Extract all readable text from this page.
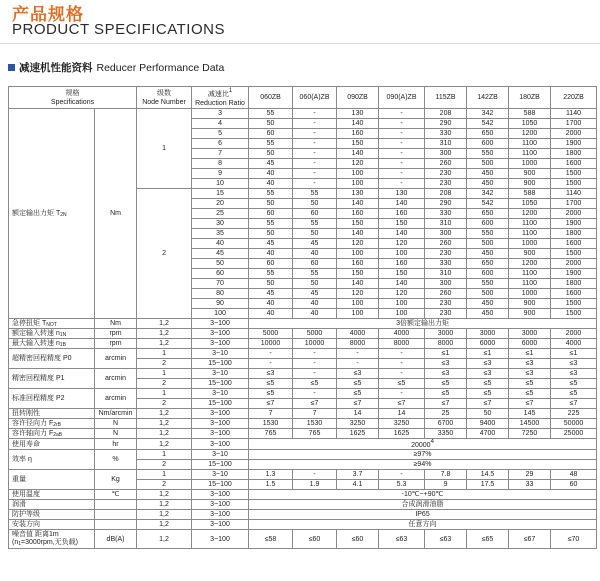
产品规格
PRODUCT SPECIFICATIONS
减速机性能资料 Reducer Performance Data
规格
Specifications		级数
Node Number	减速比1
Reduction Ratio	060ZB	060(A)ZB	090ZB	090(A)ZB	115ZB	142ZB	180ZB	220ZB
额定输出力矩 $T_{2N}$	Nm	1	3	55	-	130	-	208	342	588	1140
			4	50	-	140	-	290	542	1050	1700
			5	60	-	160	-	330	650	1200	2000
			6	55	-	150	-	310	600	1100	1900
			7	50	-	140	-	300	550	1100	1800
			8	45	-	120	-	260	500	1000	1600
			9	40	-	100	-	230	450	900	1500
			10	40	-	100	-	230	450	900	1500
		2	15	55	55	130	130	208	342	588	1140
			20	50	50	140	140	290	542	1050	1700
			25	60	60	160	160	330	650	1200	2000
			30	55	55	150	150	310	600	1100	1900
			35	50	50	140	140	300	550	1100	1800
			40	45	45	120	120	260	500	1000	1600
			45	40	40	100	100	230	450	900	1500
			50	60	60	160	160	330	650	1200	2000
			60	55	55	150	150	310	600	1100	1900
			70	50	50	140	140	300	550	1100	1800
			80	45	45	120	120	260	500	1000	1600
			90	40	40	100	100	230	450	900	1500
			100	40	40	100	100	230	450	900	1500
急停扭矩 $T_{NOT}$	Nm	1,2	3~100	3倍额定输出力矩							
额定输入转速 $n_{1N}$	rpm	1,2	3~100	5000	5000	4000	4000	3000	3000	3000	2000
最大输入转速 $n_{1B}$	rpm	1,2	3~100	10000	10000	8000	8000	8000	6000	6000	4000
超精密回程精度 P0	arcmin	1	3~10	-	-	-	-	≤1	≤1	≤1	≤1
		2	15~100	-	-	-	-	≤3	≤3	≤3	≤3
精密回程精度 P1	arcmin	1	3~10	≤3	-	≤3	-	≤3	≤3	≤3	≤3
		2	15~100	≤5	≤5	≤5	≤5	≤5	≤5	≤5	≤5
标准回程精度 P2	arcmin	1	3~10	≤5	-	≤5	-	≤5	≤5	≤5	≤5
		2	15~100	≤7	≤7	≤7	≤7	≤7	≤7	≤7	≤7
扭转刚性	Nm/arcmin	1,2	3~100	7	7	14	14	25	50	145	225
容许径向力 $F_{2rB}$	N	1,2	3~100	1530	1530	3250	3250	6700	9400	14500	50000
容许轴向力 $F_{2aB}$	N	1,2	3~100	765	765	1625	1625	3350	4700	7250	25000
使用寿命	hr	1,2	3~100	200004							
效率 η	%	1	3~10	≥97%							
		2	15~100	≥94%							
重量	Kg	1	3~10	1.3	-	3.7	-	7.8	14.5	29	48
		2	15~100	1.5	1.9	4.1	5.3	9	17.5	33	60
使用温度	℃	1,2	3~100	-10℃~+90℃							
润滑		1,2	3~100	合成润滑油脂							
防护等级		1,2	3~100	IP65							
安装方向		1,2	3~100	任意方向							
噪音值 距离1m
($n_1=3000rpm$,无负载)	dB(A)	1,2	3~100	≤58	≤60	≤60	≤63	≤63	≤65	≤67	≤70
